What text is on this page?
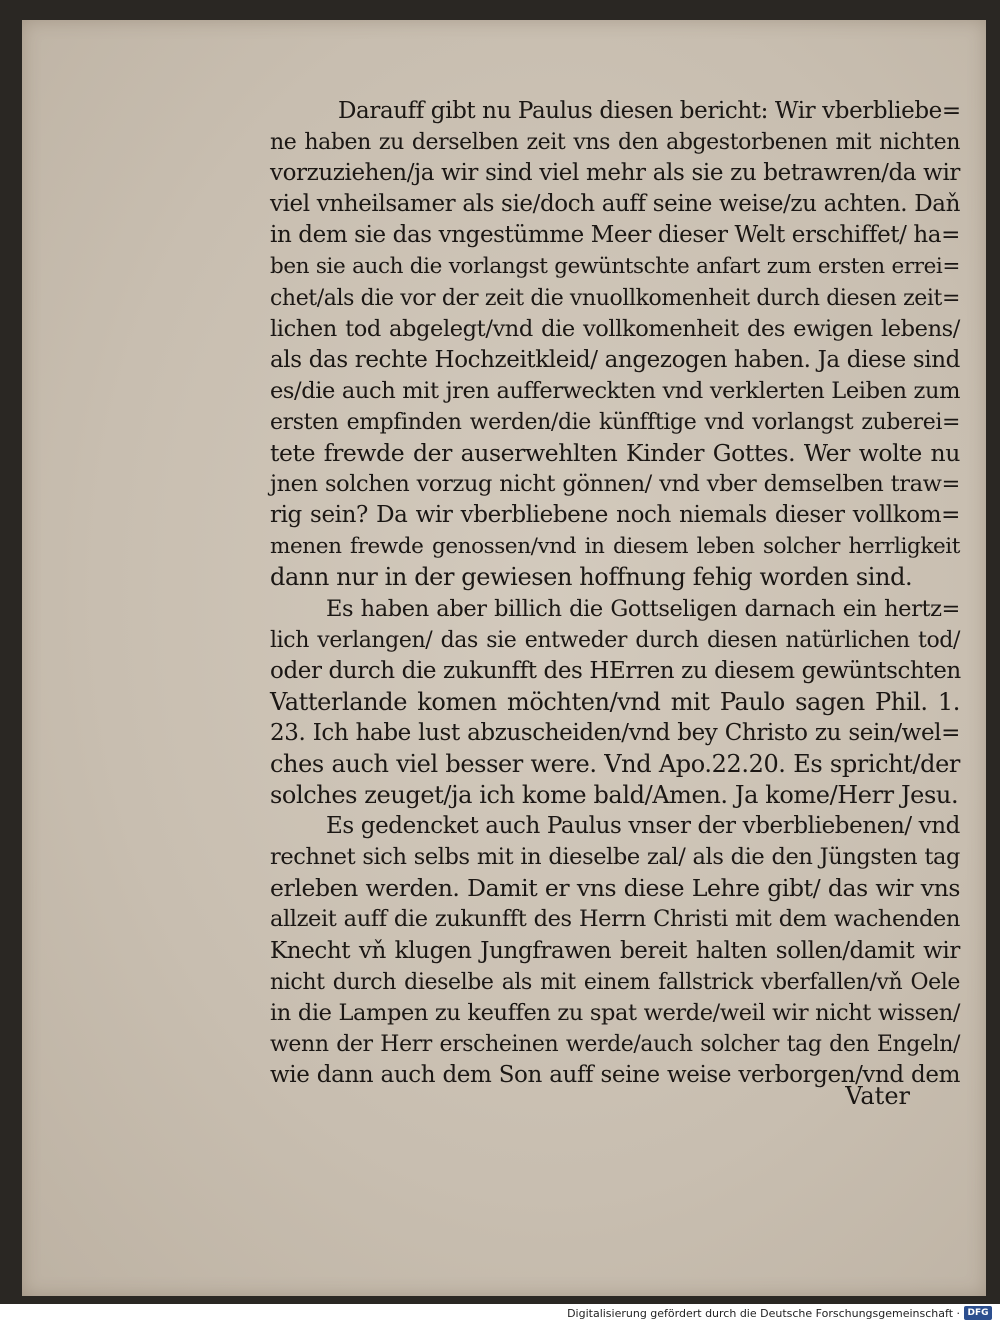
Darauff gibt nu Paulus diesen bericht: Wir vberbliebe=
ne haben zu derselben zeit vns den abgestorbenen mit nichten
vorzuziehen/ja wir sind viel mehr als sie zu betrawren/da wir
viel vnheilsamer als sie/doch auff seine weise/zu achten. Daň
in dem sie das vngestümme Meer dieser Welt erschiffet/ ha=
ben sie auch die vorlangst gewüntschte anfart zum ersten errei=
chet/als die vor der zeit die vnuollkomenheit durch diesen zeit=
lichen tod abgelegt/vnd die vollkomenheit des ewigen lebens/
als das rechte Hochzeitkleid/ angezogen haben. Ja diese sind
es/die auch mit jren aufferweckten vnd verklerten Leiben zum
ersten empfinden werden/die künfftige vnd vorlangst zuberei=
tete frewde der auserwehlten Kinder Gottes. Wer wolte nu
jnen solchen vorzug nicht gönnen/ vnd vber demselben traw=
rig sein? Da wir vberbliebene noch niemals dieser vollkom=
menen frewde genossen/vnd in diesem leben solcher herrligkeit
dann nur in der gewiesen hoffnung fehig worden sind.
Es haben aber billich die Gottseligen darnach ein hertz=
lich verlangen/ das sie entweder durch diesen natürlichen tod/
oder durch die zukunfft des HErren zu diesem gewüntschten
Vatterlande komen möchten/vnd mit Paulo sagen Phil. 1.
23. Ich habe lust abzuscheiden/vnd bey Christo zu sein/wel=
ches auch viel besser were. Vnd Apo.22.20. Es spricht/der
solches zeuget/ja ich kome bald/Amen. Ja kome/Herr Jesu.
Es gedencket auch Paulus vnser der vberbliebenen/ vnd
rechnet sich selbs mit in dieselbe zal/ als die den Jüngsten tag
erleben werden. Damit er vns diese Lehre gibt/ das wir vns
allzeit auff die zukunfft des Herrn Christi mit dem wachenden
Knecht vň klugen Jungfrawen bereit halten sollen/damit wir
nicht durch dieselbe als mit einem fallstrick vberfallen/vň Oele
in die Lampen zu keuffen zu spat werde/weil wir nicht wissen/
wenn der Herr erscheinen werde/auch solcher tag den Engeln/
wie dann auch dem Son auff seine weise verborgen/vnd dem
Vater
Digitalisierung gefördert durch die Deutsche Forschungsgemeinschaft · DFG
